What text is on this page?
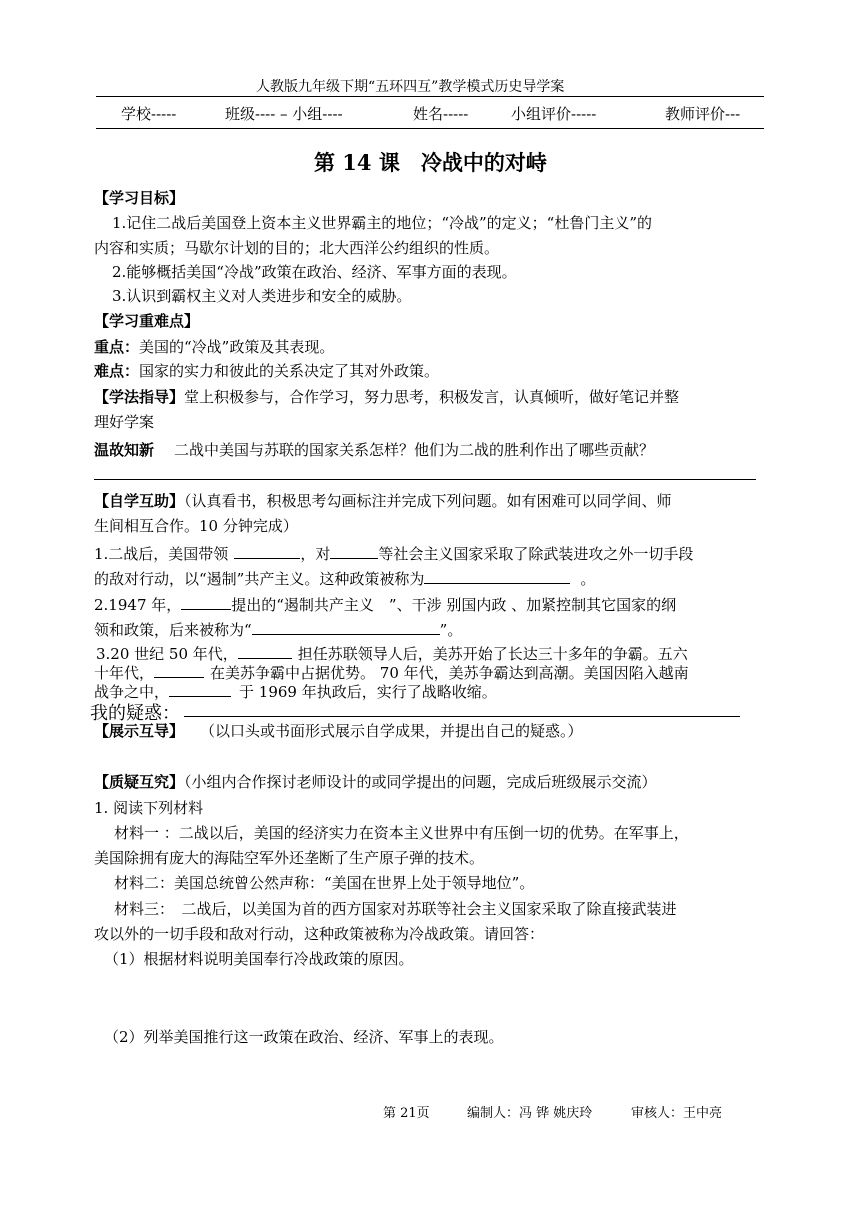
人教版九年级下期“五环四互”教学模式历史导学案
学校-----	班级---- – 小组----	姓名-----	小组评价-----	教师评价---
第 14 课　冷战中的对峙
【学习目标】
1.记住二战后美国登上资本主义世界霸主的地位；“冷战”的定义；“杜鲁门主义”的
内容和实质；马歇尔计划的目的；北大西洋公约组织的性质。
2.能够概括美国“冷战”政策在政治、经济、军事方面的表现。
3.认识到霸权主义对人类进步和安全的威胁。
【学习重难点】
重点：美国的“冷战”政策及其表现。
难点：国家的实力和彼此的关系决定了其对外政策。
【学法指导】堂上积极参与，合作学习，努力思考，积极发言，认真倾听，做好笔记并整
理好学案
温故知新 二战中美国与苏联的国家关系怎样？他们为二战的胜利作出了哪些贡献？
【自学互助】（认真看书，积极思考勾画标注并完成下列问题。如有困难可以同学间、师
生间相互合作。10 分钟完成）
1.二战后，美国带领	，对	等社会主义国家采取了除武装进攻之外一切手段
的敌对行动，以“遏制”共产主义。这种政策被称为	。
2.1947 年，	提出的“遏制共产主义　”、干涉 别国内政 、加紧控制其它国家的纲
领和政策，后来被称为“	”。
3.20 世纪 50 年代，	担任苏联领导人后，美苏开始了长达三十多年的争霸。五六
十年代，	在美苏争霸中占据优势。 70 年代，美苏争霸达到高潮。美国因陷入越南
战争之中，	于 1969 年执政后，实行了战略收缩。
我的疑惑：
【展示互导】 （以口头或书面形式展示自学成果，并提出自己的疑惑。）
【质疑互究】（小组内合作探讨老师设计的或同学提出的问题，完成后班级展示交流）
1. 阅读下列材料
材料一 ：二战以后，美国的经济实力在资本主义世界中有压倒一切的优势。在军事上，
美国除拥有庞大的海陆空军外还垄断了生产原子弹的技术。
材料二：美国总统曾公然声称：“美国在世界上处于领导地位”。
材料三：　二战后，以美国为首的西方国家对苏联等社会主义国家采取了除直接武装进
攻以外的一切手段和敌对行动，这种政策被称为冷战政策。请回答：
（1）根据材料说明美国奉行冷战政策的原因。
（2）列举美国推行这一政策在政治、经济、军事上的表现。
第 21页	编制人：冯 铧 姚庆玲	审核人：王中亮
